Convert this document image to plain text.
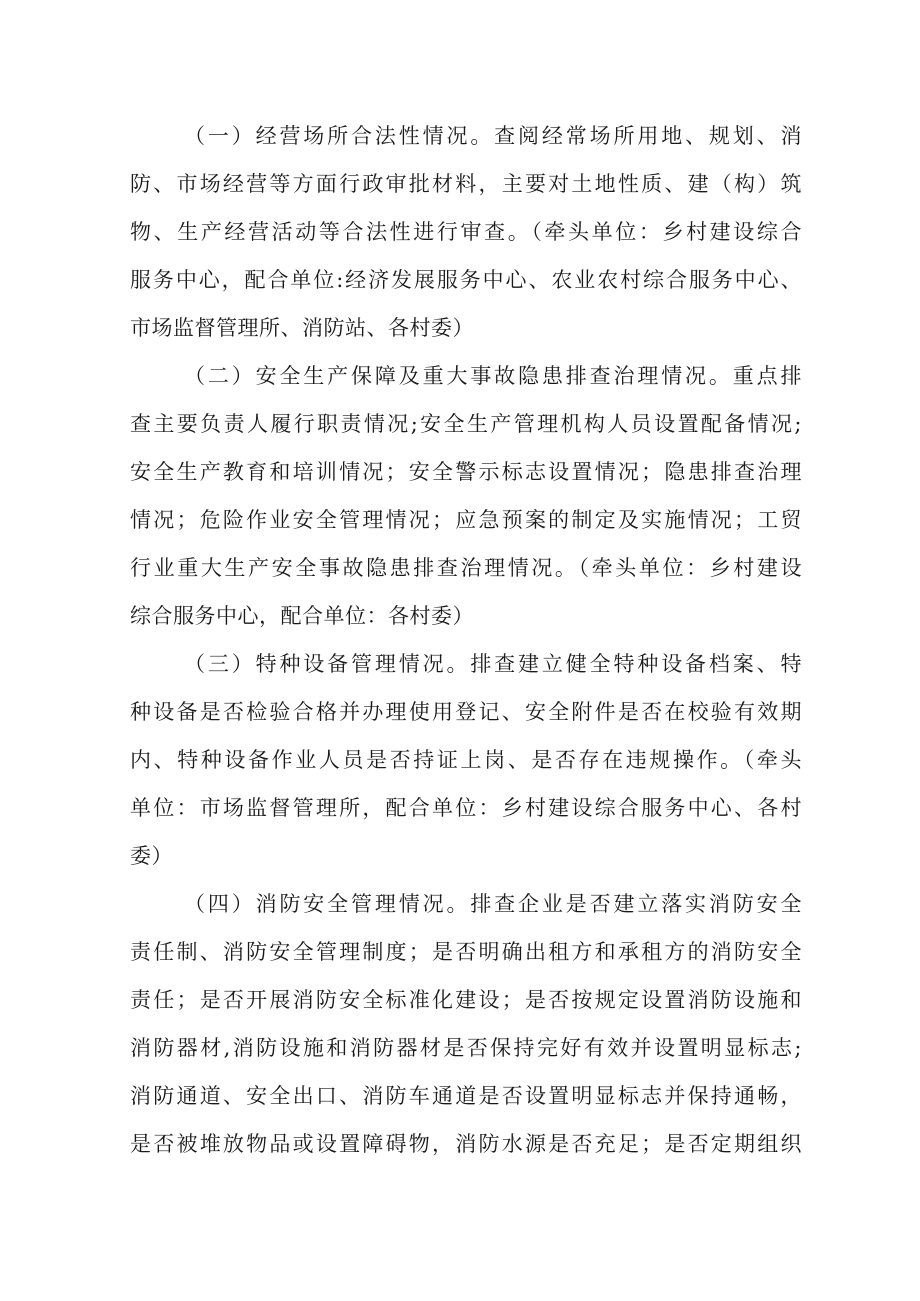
（一）经营场所合法性情况。查阅经常场所用地、规划、消
防、市场经营等方面行政审批材料，主要对土地性质、建（构）筑
物、生产经营活动等合法性进行审查。（牵头单位：乡村建设综合
服务中心，配合单位:经济发展服务中心、农业农村综合服务中心、
市场监督管理所、消防站、各村委）
（二）安全生产保障及重大事故隐患排查治理情况。重点排
查主要负责人履行职责情况;安全生产管理机构人员设置配备情况;
安全生产教育和培训情况；安全警示标志设置情况；隐患排查治理
情况；危险作业安全管理情况；应急预案的制定及实施情况；工贸
行业重大生产安全事故隐患排查治理情况。（牵头单位：乡村建设
综合服务中心，配合单位：各村委）
（三）特种设备管理情况。排查建立健全特种设备档案、特
种设备是否检验合格并办理使用登记、安全附件是否在校验有效期
内、特种设备作业人员是否持证上岗、是否存在违规操作。（牵头
单位：市场监督管理所，配合单位：乡村建设综合服务中心、各村
委）
（四）消防安全管理情况。排查企业是否建立落实消防安全
责任制、消防安全管理制度；是否明确出租方和承租方的消防安全
责任；是否开展消防安全标准化建设；是否按规定设置消防设施和
消防器材,消防设施和消防器材是否保持完好有效并设置明显标志;
消防通道、安全出口、消防车通道是否设置明显标志并保持通畅，
是否被堆放物品或设置障碍物，消防水源是否充足；是否定期组织
